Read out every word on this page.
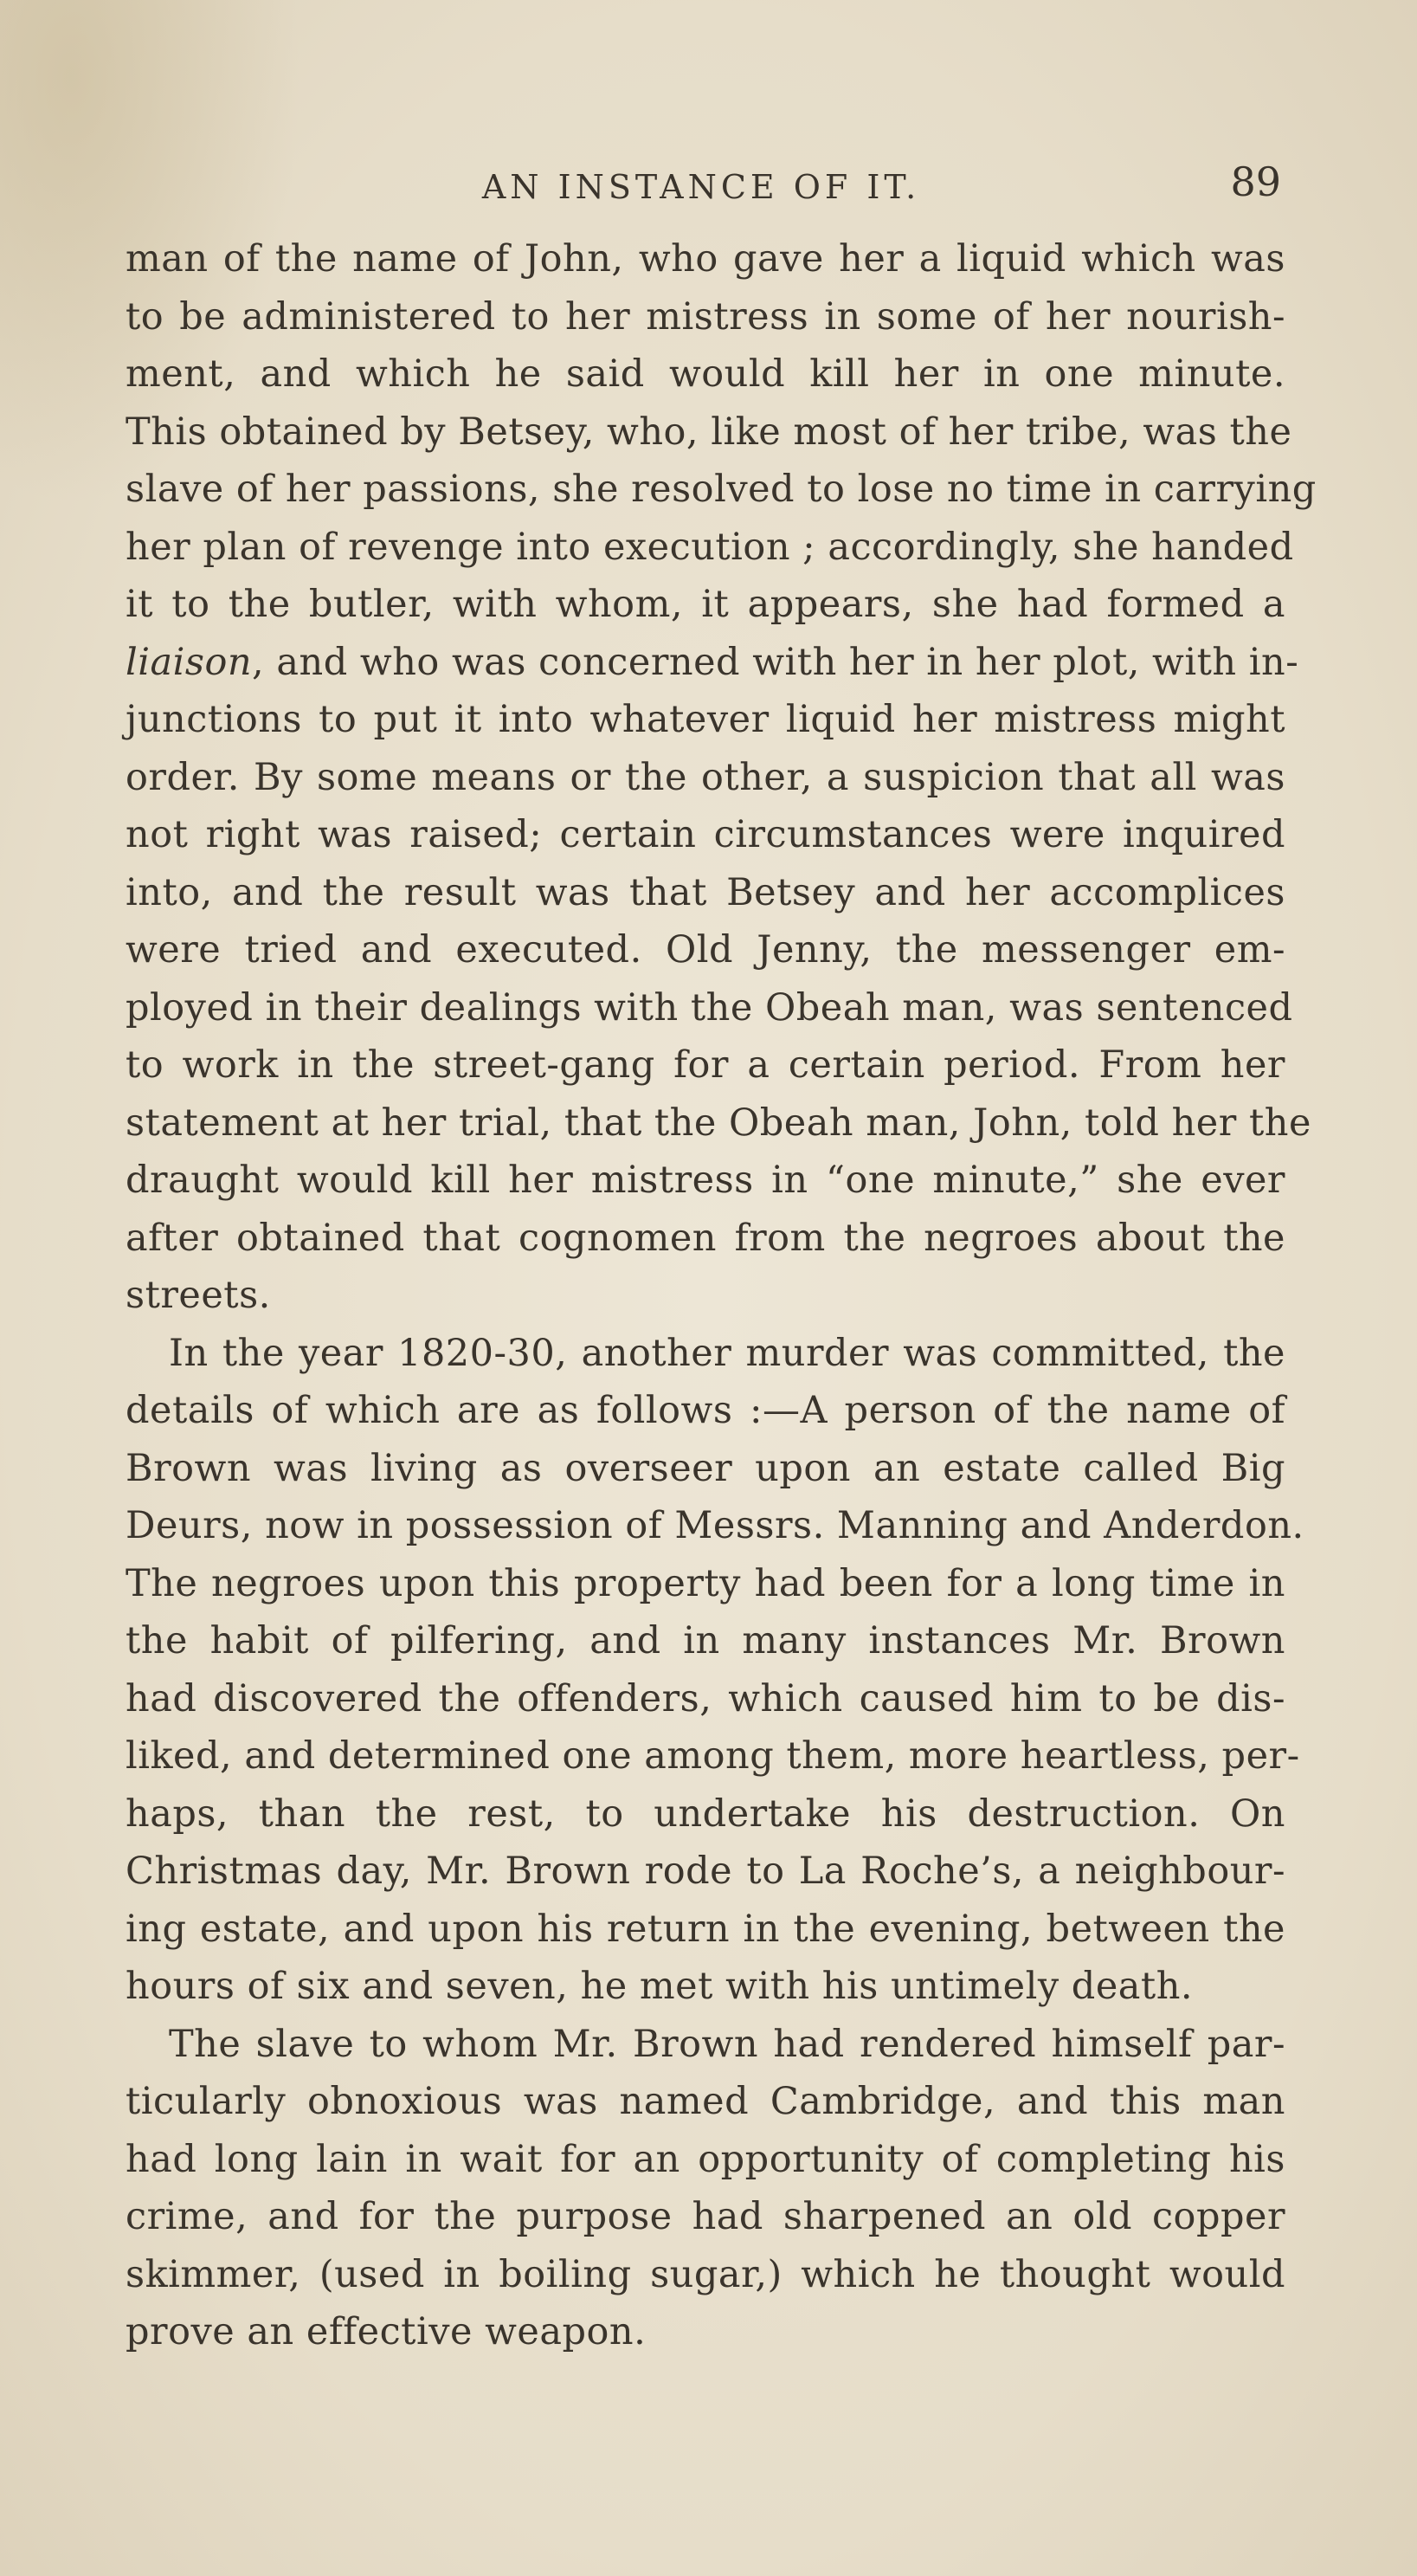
AN INSTANCE OF IT.	89
man of the name of John, who gave her a liquid which was
to be administered to her mistress in some of her nourish-
ment, and which he said would kill her in one minute.
This obtained by Betsey, who, like most of her tribe, was the
slave of her passions, she resolved to lose no time in carrying
her plan of revenge into execution ; accordingly, she handed
it to the butler, with whom, it appears, she had formed a
liaison, and who was concerned with her in her plot, with in-
junctions to put it into whatever liquid her mistress might
order. By some means or the other, a suspicion that all was
not right was raised; certain circumstances were inquired
into, and the result was that Betsey and her accomplices
were tried and executed. Old Jenny, the messenger em-
ployed in their dealings with the Obeah man, was sentenced
to work in the street-gang for a certain period. From her
statement at her trial, that the Obeah man, John, told her the
draught would kill her mistress in “one minute,” she ever
after obtained that cognomen from the negroes about the
streets.
In the year 1820-30, another murder was committed, the
details of which are as follows :—A person of the name of
Brown was living as overseer upon an estate called Big
Deurs, now in possession of Messrs. Manning and Anderdon.
The negroes upon this property had been for a long time in
the habit of pilfering, and in many instances Mr. Brown
had discovered the offenders, which caused him to be dis-
liked, and determined one among them, more heartless, per-
haps, than the rest, to undertake his destruction. On
Christmas day, Mr. Brown rode to La Roche’s, a neighbour-
ing estate, and upon his return in the evening, between the
hours of six and seven, he met with his untimely death.
The slave to whom Mr. Brown had rendered himself par-
ticularly obnoxious was named Cambridge, and this man
had long lain in wait for an opportunity of completing his
crime, and for the purpose had sharpened an old copper
skimmer, (used in boiling sugar,) which he thought would
prove an effective weapon.
